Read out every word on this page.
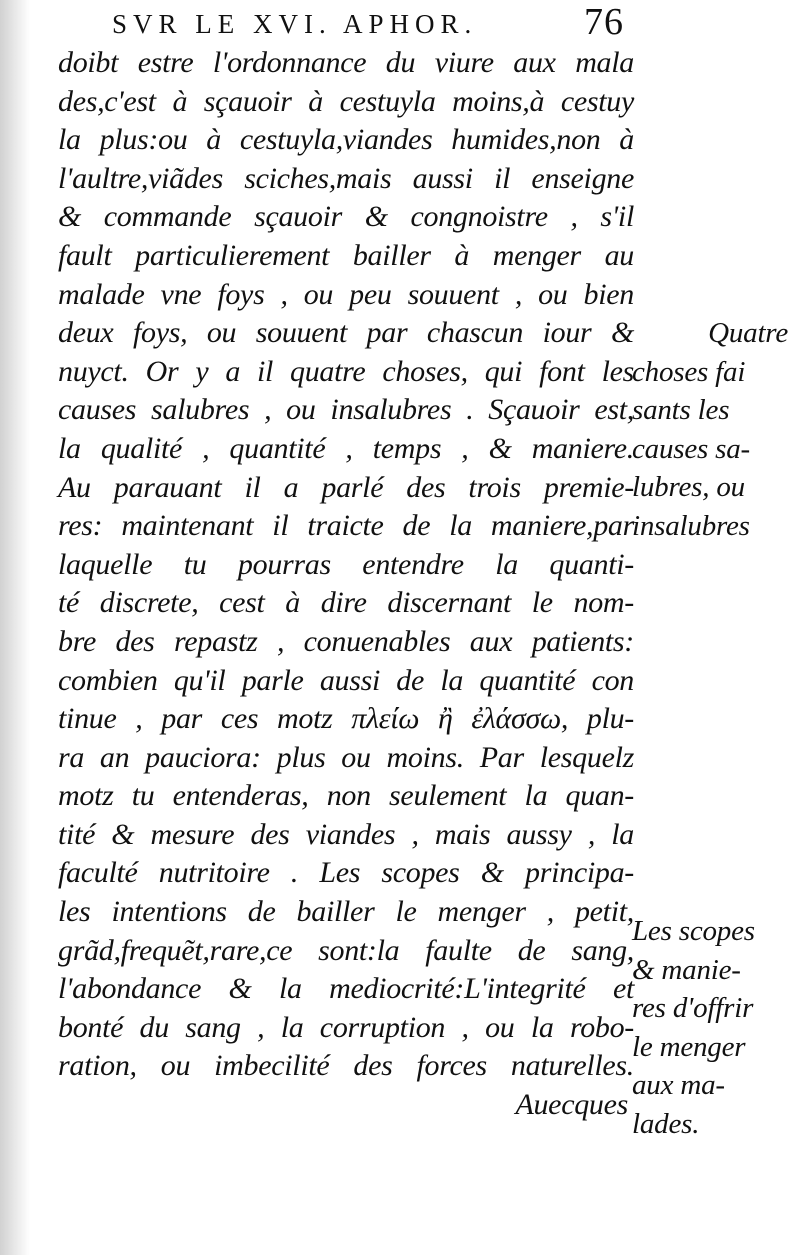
SVR LE XVI. APHOR.	76
doibt estre l'ordonnance du viure aux mala
des,c'est à sçauoir à cestuyla moins,à cestuy
la plus:ou à cestuyla,viandes humides,non à
l'aultre,viãdes sciches,mais aussi il enseigne
& commande sçauoir & congnoistre , s'il
fault particulierement bailler à menger au
malade vne foys , ou peu souuent , ou bien
deux foys, ou souuent par chascun iour &
nuyct. Or y a il quatre choses, qui font les
causes salubres , ou insalubres . Sçauoir est,
la qualité , quantité , temps , & maniere.
Au parauant il a parlé des trois premie-
res: maintenant il traicte de la maniere,par
laquelle tu pourras entendre la quanti-
té discrete, cest à dire discernant le nom-
bre des repastz , conuenables aux patients:
combien qu'il parle aussi de la quantité con
tinue , par ces motz πλείω ἢ ἐλάσσω, plu-
ra an pauciora: plus ou moins. Par lesquelz
motz tu entenderas, non seulement la quan-
tité & mesure des viandes , mais aussy , la
faculté nutritoire . Les scopes & principa-
les intentions de bailler le menger , petit,
grãd,frequẽt,rare,ce sont:la faulte de sang,
l'abondance & la mediocrité:L'integrité et
bonté du sang , la corruption , ou la robo-
ration, ou imbecilité des forces naturelles.
Auecques
Quatre
choses fai
sants les
causes sa-
lubres, ou
insalubres
Les scopes
& manie-
res d'offrir
le menger
aux ma-
lades.
